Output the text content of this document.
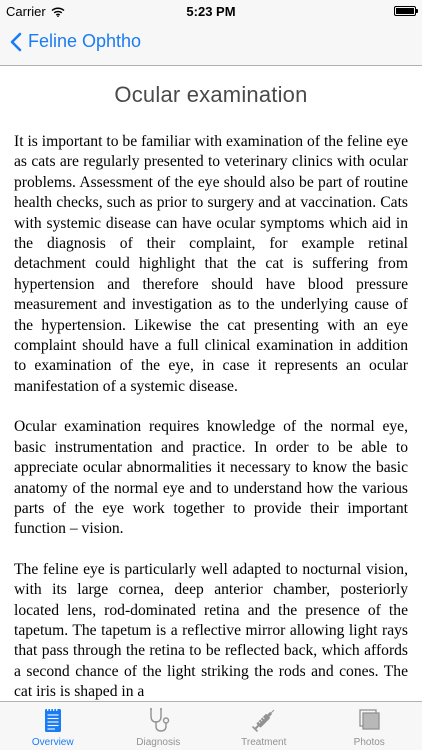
Carrier	5:23 PM
Feline Ophtho
Ocular examination

It is important to be familiar with examination of the feline eye as cats are regularly presented to veterinary clinics with ocular problems. Assessment of the eye should also be part of routine health checks, such as prior to surgery and at vaccination. Cats with systemic disease can have ocular symptoms which aid in the diagnosis of their complaint, for example retinal detachment could highlight that the cat is suffering from hypertension and therefore should have blood pressure measurement and investigation as to the underlying cause of the hypertension. Likewise the cat presenting with an eye complaint should have a full clinical examination in addition to examination of the eye, in case it represents an ocular manifestation of a systemic disease.

Ocular examination requires knowledge of the normal eye, basic instrumentation and practice. In order to be able to appreciate ocular abnormalities it necessary to know the basic anatomy of the normal eye and to understand how the various parts of the eye work together to provide their important function – vision.

The feline eye is particularly well adapted to nocturnal vision, with its large cornea, deep anterior chamber, posteriorly located lens, rod-dominated retina and the presence of the tapetum. The tapetum is a reflective mirror allowing light rays that pass through the retina to be reflected back, which affords a second chance of the light striking the rods and cones. The cat iris is shaped in a

Overview	Diagnosis	Treatment	Photos
